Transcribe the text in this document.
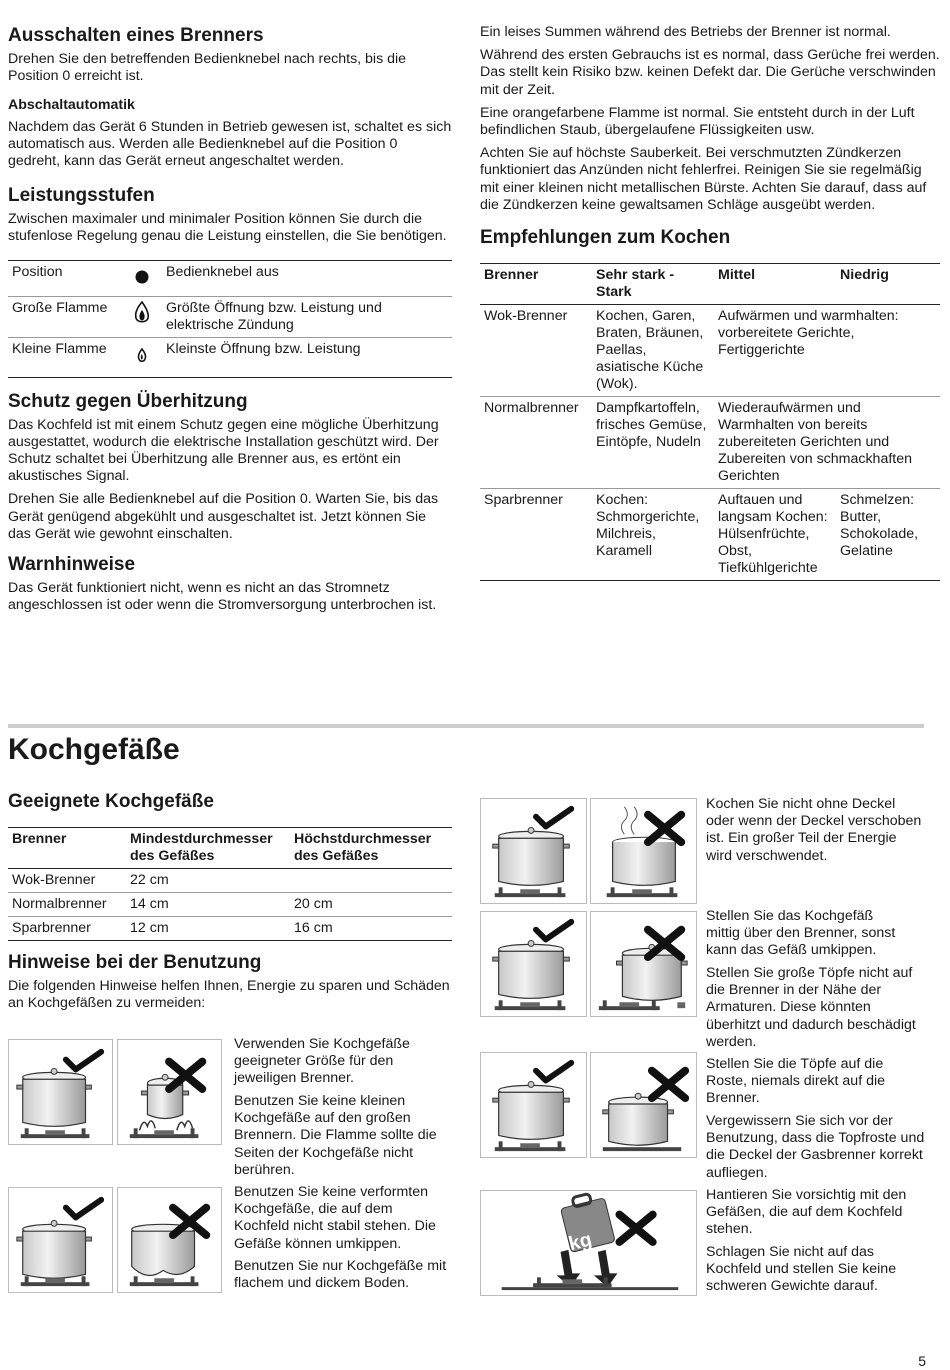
Ausschalten eines Brenners

Drehen Sie den betreffenden Bedienknebel nach rechts, bis die Position 0 erreicht ist.

Abschaltautomatik

Nachdem das Gerät 6 Stunden in Betrieb gewesen ist, schaltet es sich automatisch aus. Werden alle Bedienknebel auf die Position 0 gedreht, kann das Gerät erneut angeschaltet werden.

Leistungsstufen

Zwischen maximaler und minimaler Position können Sie durch die stufenlose Regelung genau die Leistung einstellen, die Sie benötigen.

Position		Bedienknebel aus
Große Flamme		Größte Öffnung bzw. Leistung und elektrische Zündung
Kleine Flamme		Kleinste Öffnung bzw. Leistung
Schutz gegen Überhitzung

Das Kochfeld ist mit einem Schutz gegen eine mögliche Überhitzung ausgestattet, wodurch die elektrische Installation geschützt wird. Der Schutz schaltet bei Überhitzung alle Brenner aus, es ertönt ein akustisches Signal.

Drehen Sie alle Bedienknebel auf die Position 0. Warten Sie, bis das Gerät genügend abgekühlt und ausgeschaltet ist. Jetzt können Sie das Gerät wie gewohnt einschalten.

Warnhinweise

Das Gerät funktioniert nicht, wenn es nicht an das Stromnetz angeschlossen ist oder wenn die Stromversorgung unterbrochen ist.

Ein leises Summen während des Betriebs der Brenner ist normal.

Während des ersten Gebrauchs ist es normal, dass Gerüche frei werden. Das stellt kein Risiko bzw. keinen Defekt dar. Die Gerüche verschwinden mit der Zeit.

Eine orangefarbene Flamme ist normal. Sie entsteht durch in der Luft befindlichen Staub, übergelaufene Flüssigkeiten usw.

Achten Sie auf höchste Sauberkeit. Bei verschmutzten Zündkerzen funktioniert das Anzünden nicht fehlerfrei. Reinigen Sie sie regelmäßig mit einer kleinen nicht metallischen Bürste. Achten Sie darauf, dass auf die Zündkerzen keine gewaltsamen Schläge ausgeübt werden.

Empfehlungen zum Kochen
Brenner	Sehr stark - Stark	Mittel	Niedrig
Wok-Brenner	Kochen, Garen, Braten, Bräunen, Paellas, asiatische Küche (Wok).	Aufwärmen und warmhalten: vorbereitete Gerichte, Fertiggerichte	
Normalbrenner	Dampfkartoffeln, frisches Gemüse, Eintöpfe, Nudeln	Wiederaufwärmen und Warmhalten von bereits zubereiteten Gerichten und Zubereiten von schmackhaften Gerichten	
Sparbrenner	Kochen: Schmorgerichte, Milchreis, Karamell	Auftauen und langsam Kochen: Hülsenfrüchte, Obst, Tiefkühlgerichte	Schmelzen: Butter, Schokolade, Gelatine
Kochgefäße
Geeignete Kochgefäße
Brenner	Mindestdurchmesser des Gefäßes	Höchstdurchmesser des Gefäßes
Wok-Brenner	22 cm	
Normalbrenner	14 cm	20 cm
Sparbrenner	12 cm	16 cm
Hinweise bei der Benutzung

Die folgenden Hinweise helfen Ihnen, Energie zu sparen und Schäden an Kochgefäßen zu vermeiden:

Verwenden Sie Kochgefäße geeigneter Größe für den jeweiligen Brenner.
Benutzen Sie keine kleinen Kochgefäße auf den großen Brennern. Die Flamme sollte die Seiten der Kochgefäße nicht berühren.
Benutzen Sie keine verformten Kochgefäße, die auf dem Kochfeld nicht stabil stehen. Die Gefäße können umkippen.
Benutzen Sie nur Kochgefäße mit flachem und dickem Boden.
Kochen Sie nicht ohne Deckel oder wenn der Deckel verschoben ist. Ein großer Teil der Energie wird verschwendet.
Stellen Sie das Kochgefäß mittig über den Brenner, sonst kann das Gefäß umkippen.
Stellen Sie große Töpfe nicht auf die Brenner in der Nähe der Armaturen. Diese könnten überhitzt und dadurch beschädigt werden.
Stellen Sie die Töpfe auf die Roste, niemals direkt auf die Brenner.
Vergewissern Sie sich vor der Benutzung, dass die Topfroste und die Deckel der Gasbrenner korrekt aufliegen.
Hantieren Sie vorsichtig mit den Gefäßen, die auf dem Kochfeld stehen.
Schlagen Sie nicht auf das Kochfeld und stellen Sie keine schweren Gewichte darauf.
kg
5
